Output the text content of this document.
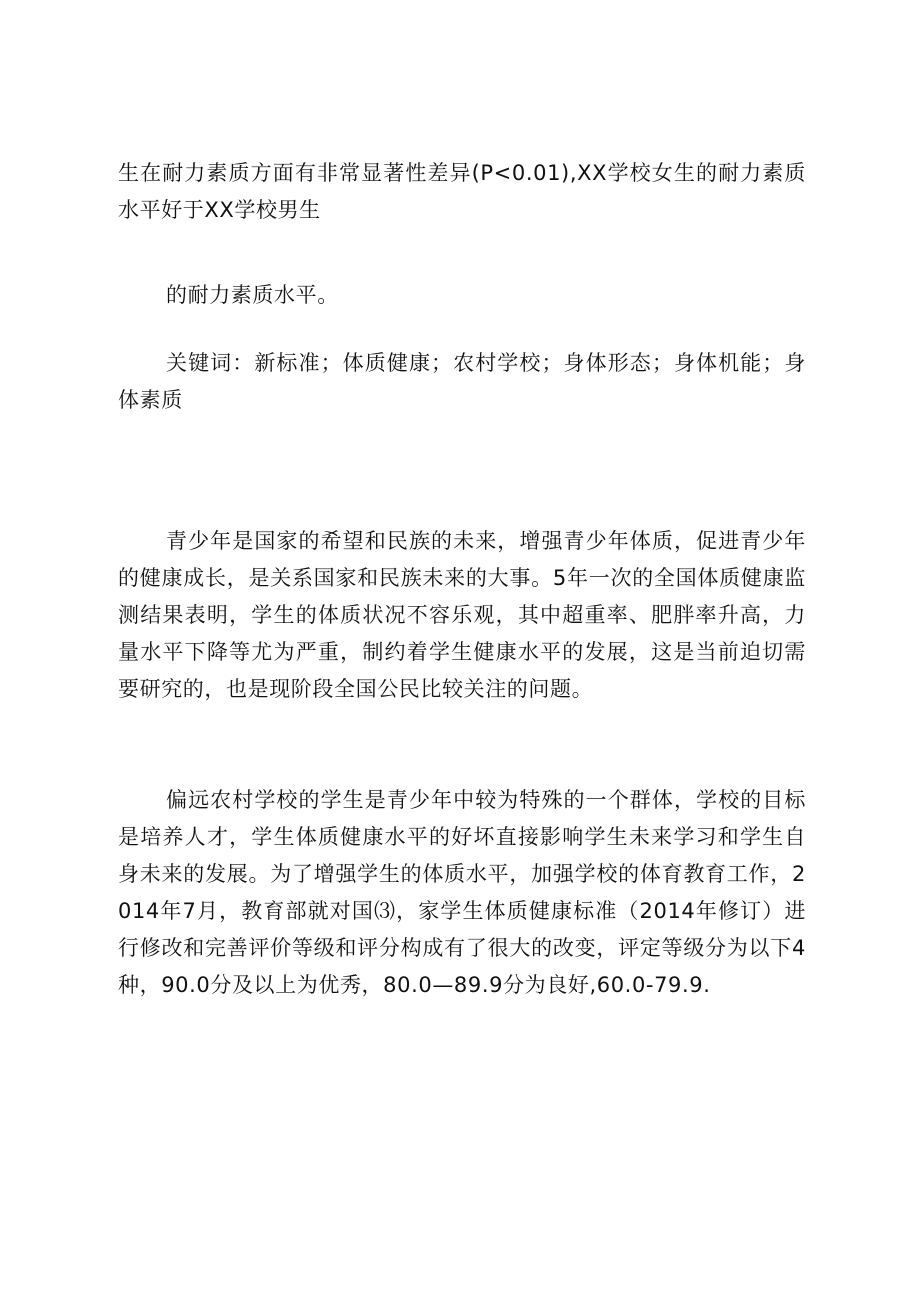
生在耐力素质方面有非常显著性差异(P<0.01),XX学校女生的耐力素质水平好于XX学校男生

的耐力素质水平。

关键词：新标准；体质健康；农村学校；身体形态；身体机能；身体素质

青少年是国家的希望和民族的未来，增强青少年体质，促进青少年的健康成长，是关系国家和民族未来的大事。5年一次的全国体质健康监测结果表明，学生的体质状况不容乐观，其中超重率、肥胖率升高，力量水平下降等尤为严重，制约着学生健康水平的发展，这是当前迫切需要研究的，也是现阶段全国公民比较关注的问题。

偏远农村学校的学生是青少年中较为特殊的一个群体，学校的目标是培养人才，学生体质健康水平的好坏直接影响学生未来学习和学生自身未来的发展。为了增强学生的体质水平，加强学校的体育教育工作，2014年7月，教育部就对国⑶，家学生体质健康标准（2014年修订）进行修改和完善评价等级和评分构成有了很大的改变，评定等级分为以下4种，90.0分及以上为优秀，80.0—89.9分为良好,60.0-79.9.
